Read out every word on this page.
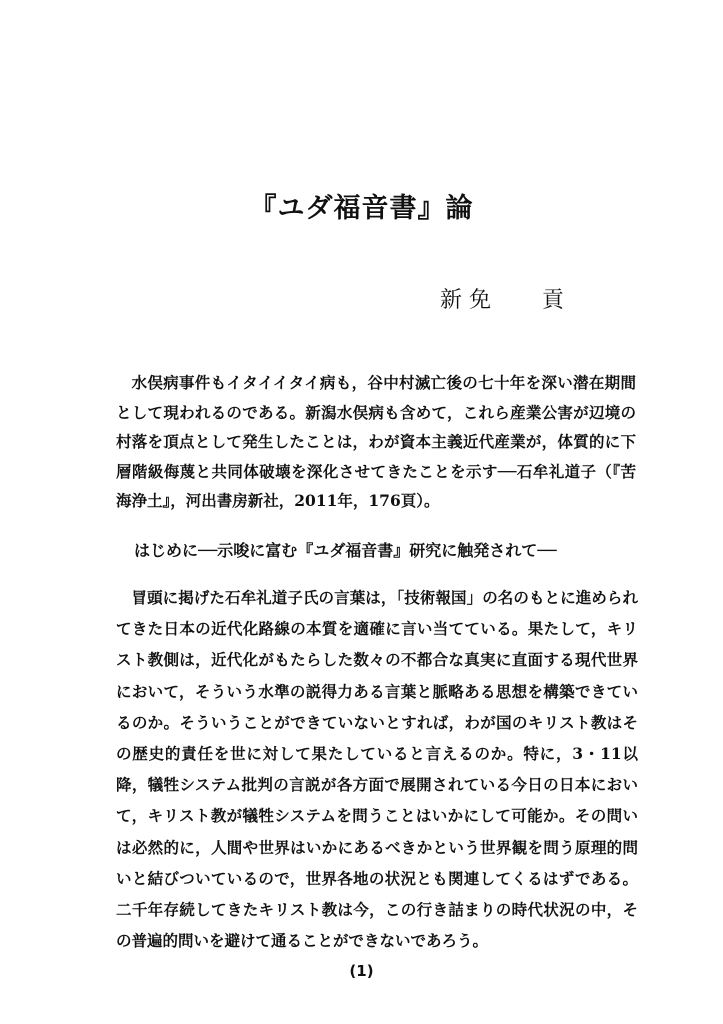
『ユダ福音書』論
新 免　　 貢

水俣病事件もイタイイタイ病も，谷中村滅亡後の七十年を深い潜在期間として現われるのである。新潟水俣病も含めて，これら産業公害が辺境の村落を頂点として発生したことは，わが資本主義近代産業が，体質的に下層階級侮蔑と共同体破壊を深化させてきたことを示す──石牟礼道子（『苦海浄土』，河出書房新社，2011年，176頁）。

はじめに──示唆に富む『ユダ福音書』研究に触発されて──

冒頭に掲げた石牟礼道子氏の言葉は，「技術報国」の名のもとに進められてきた日本の近代化路線の本質を適確に言い当てている。果たして，キリスト教側は，近代化がもたらした数々の不都合な真実に直面する現代世界において，そういう水準の説得力ある言葉と脈略ある思想を構築できているのか。そういうことができていないとすれば，わが国のキリスト教はその歴史的責任を世に対して果たしていると言えるのか。特に，3・11以降，犠牲システム批判の言説が各方面で展開されている今日の日本において，キリスト教が犠牲システムを問うことはいかにして可能か。その問いは必然的に，人間や世界はいかにあるべきかという世界観を問う原理的問いと結びついているので，世界各地の状況とも関連してくるはずである。二千年存続してきたキリスト教は今，この行き詰まりの時代状況の中，その普遍的問いを避けて通ることができないであろう。

(1)
